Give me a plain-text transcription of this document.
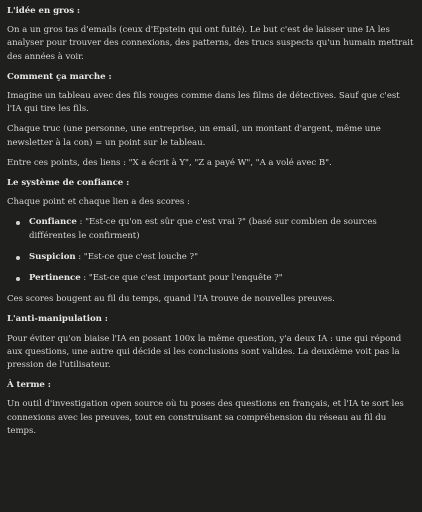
L'idée en gros :
On a un gros tas d'emails (ceux d'Epstein qui ont fuité). Le but c'est de laisser une IA les analyser pour trouver des connexions, des patterns, des trucs suspects qu'un humain mettrait des années à voir.
Comment ça marche :
Imagine un tableau avec des fils rouges comme dans les films de détectives. Sauf que c'est l'IA qui tire les fils.
Chaque truc (une personne, une entreprise, un email, un montant d'argent, même une newsletter à la con) = un point sur le tableau.
Entre ces points, des liens : "X a écrit à Y", "Z a payé W", "A a volé avec B".
Le système de confiance :
Chaque point et chaque lien a des scores :
Confiance : "Est-ce qu'on est sûr que c'est vrai ?" (basé sur combien de sources différentes le confirment)
Suspicion : "Est-ce que c'est louche ?"
Pertinence : "Est-ce que c'est important pour l'enquête ?"
Ces scores bougent au fil du temps, quand l'IA trouve de nouvelles preuves.
L'anti-manipulation :
Pour éviter qu'on biaise l'IA en posant 100x la même question, y'a deux IA : une qui répond aux questions, une autre qui décide si les conclusions sont valides. La deuxième voit pas la pression de l'utilisateur.
À terme :
Un outil d'investigation open source où tu poses des questions en français, et l'IA te sort les connexions avec les preuves, tout en construisant sa compréhension du réseau au fil du temps.
